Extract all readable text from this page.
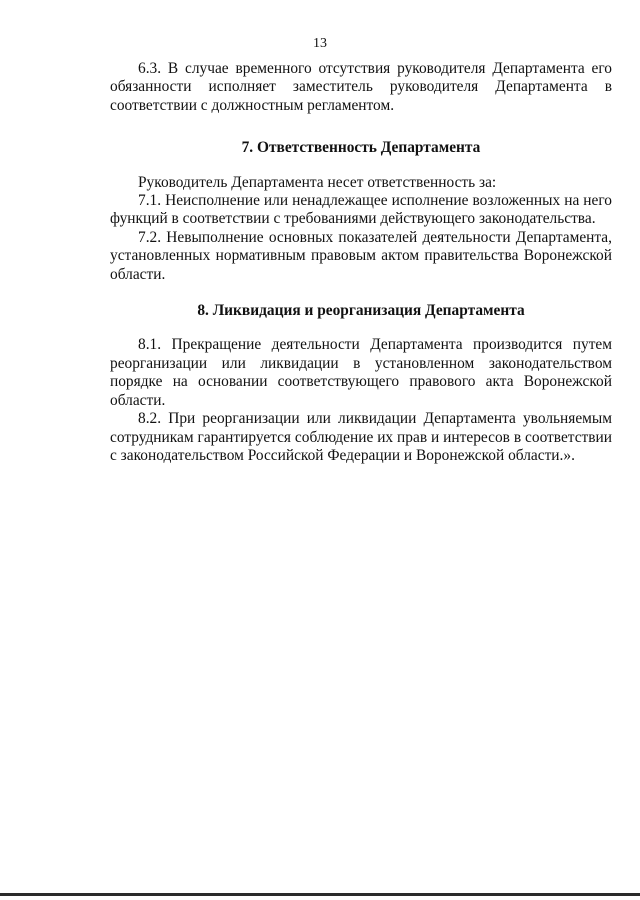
13

6.3. В случае временного отсутствия руководителя Департамента его обязанности исполняет заместитель руководителя Департамента в соответствии с должностным регламентом.

7. Ответственность Департамента

Руководитель Департамента несет ответственность за:

7.1. Неисполнение или ненадлежащее исполнение возложенных на него функций в соответствии с требованиями действующего законодательства.

7.2. Невыполнение основных показателей деятельности Департамента, установленных нормативным правовым актом правительства Воронежской области.

8. Ликвидация и реорганизация Департамента

8.1. Прекращение деятельности Департамента производится путем реорганизации или ликвидации в установленном законодательством порядке на основании соответствующего правового акта Воронежской области.

8.2. При реорганизации или ликвидации Департамента увольняемым сотрудникам гарантируется соблюдение их прав и интересов в соответствии с законодательством Российской Федерации и Воронежской области.».
